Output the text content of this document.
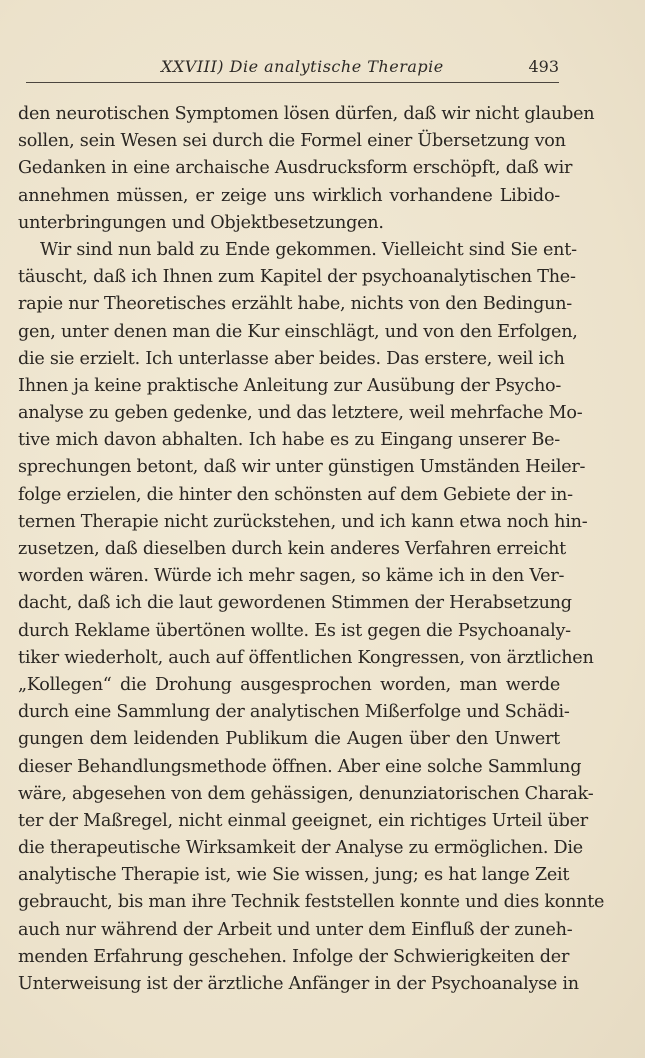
XXVIII) Die analytische Therapie	493
den neurotischen Symptomen lösen dürfen, daß wir nicht glauben
sollen, sein Wesen sei durch die Formel einer Übersetzung von
Gedanken in eine archaische Ausdrucksform erschöpft, daß wir
annehmen müssen, er zeige uns wirklich vorhandene Libido-
unterbringungen und Objektbesetzungen.
Wir sind nun bald zu Ende gekommen. Vielleicht sind Sie ent-
täuscht, daß ich Ihnen zum Kapitel der psychoanalytischen The-
rapie nur Theoretisches erzählt habe, nichts von den Bedingun-
gen, unter denen man die Kur einschlägt, und von den Erfolgen,
die sie erzielt. Ich unterlasse aber beides. Das erstere, weil ich
Ihnen ja keine praktische Anleitung zur Ausübung der Psycho-
analyse zu geben gedenke, und das letztere, weil mehrfache Mo-
tive mich davon abhalten. Ich habe es zu Eingang unserer Be-
sprechungen betont, daß wir unter günstigen Umständen Heiler-
folge erzielen, die hinter den schönsten auf dem Gebiete der in-
ternen Therapie nicht zurückstehen, und ich kann etwa noch hin-
zusetzen, daß dieselben durch kein anderes Verfahren erreicht
worden wären. Würde ich mehr sagen, so käme ich in den Ver-
dacht, daß ich die laut gewordenen Stimmen der Herabsetzung
durch Reklame übertönen wollte. Es ist gegen die Psychoanaly-
tiker wiederholt, auch auf öffentlichen Kongressen, von ärztlichen
„Kollegen“ die Drohung ausgesprochen worden, man werde
durch eine Sammlung der analytischen Mißerfolge und Schädi-
gungen dem leidenden Publikum die Augen über den Unwert
dieser Behandlungsmethode öffnen. Aber eine solche Sammlung
wäre, abgesehen von dem gehässigen, denunziatorischen Charak-
ter der Maßregel, nicht einmal geeignet, ein richtiges Urteil über
die therapeutische Wirksamkeit der Analyse zu ermöglichen. Die
analytische Therapie ist, wie Sie wissen, jung; es hat lange Zeit
gebraucht, bis man ihre Technik feststellen konnte und dies konnte
auch nur während der Arbeit und unter dem Einfluß der zuneh-
menden Erfahrung geschehen. Infolge der Schwierigkeiten der
Unterweisung ist der ärztliche Anfänger in der Psychoanalyse in
